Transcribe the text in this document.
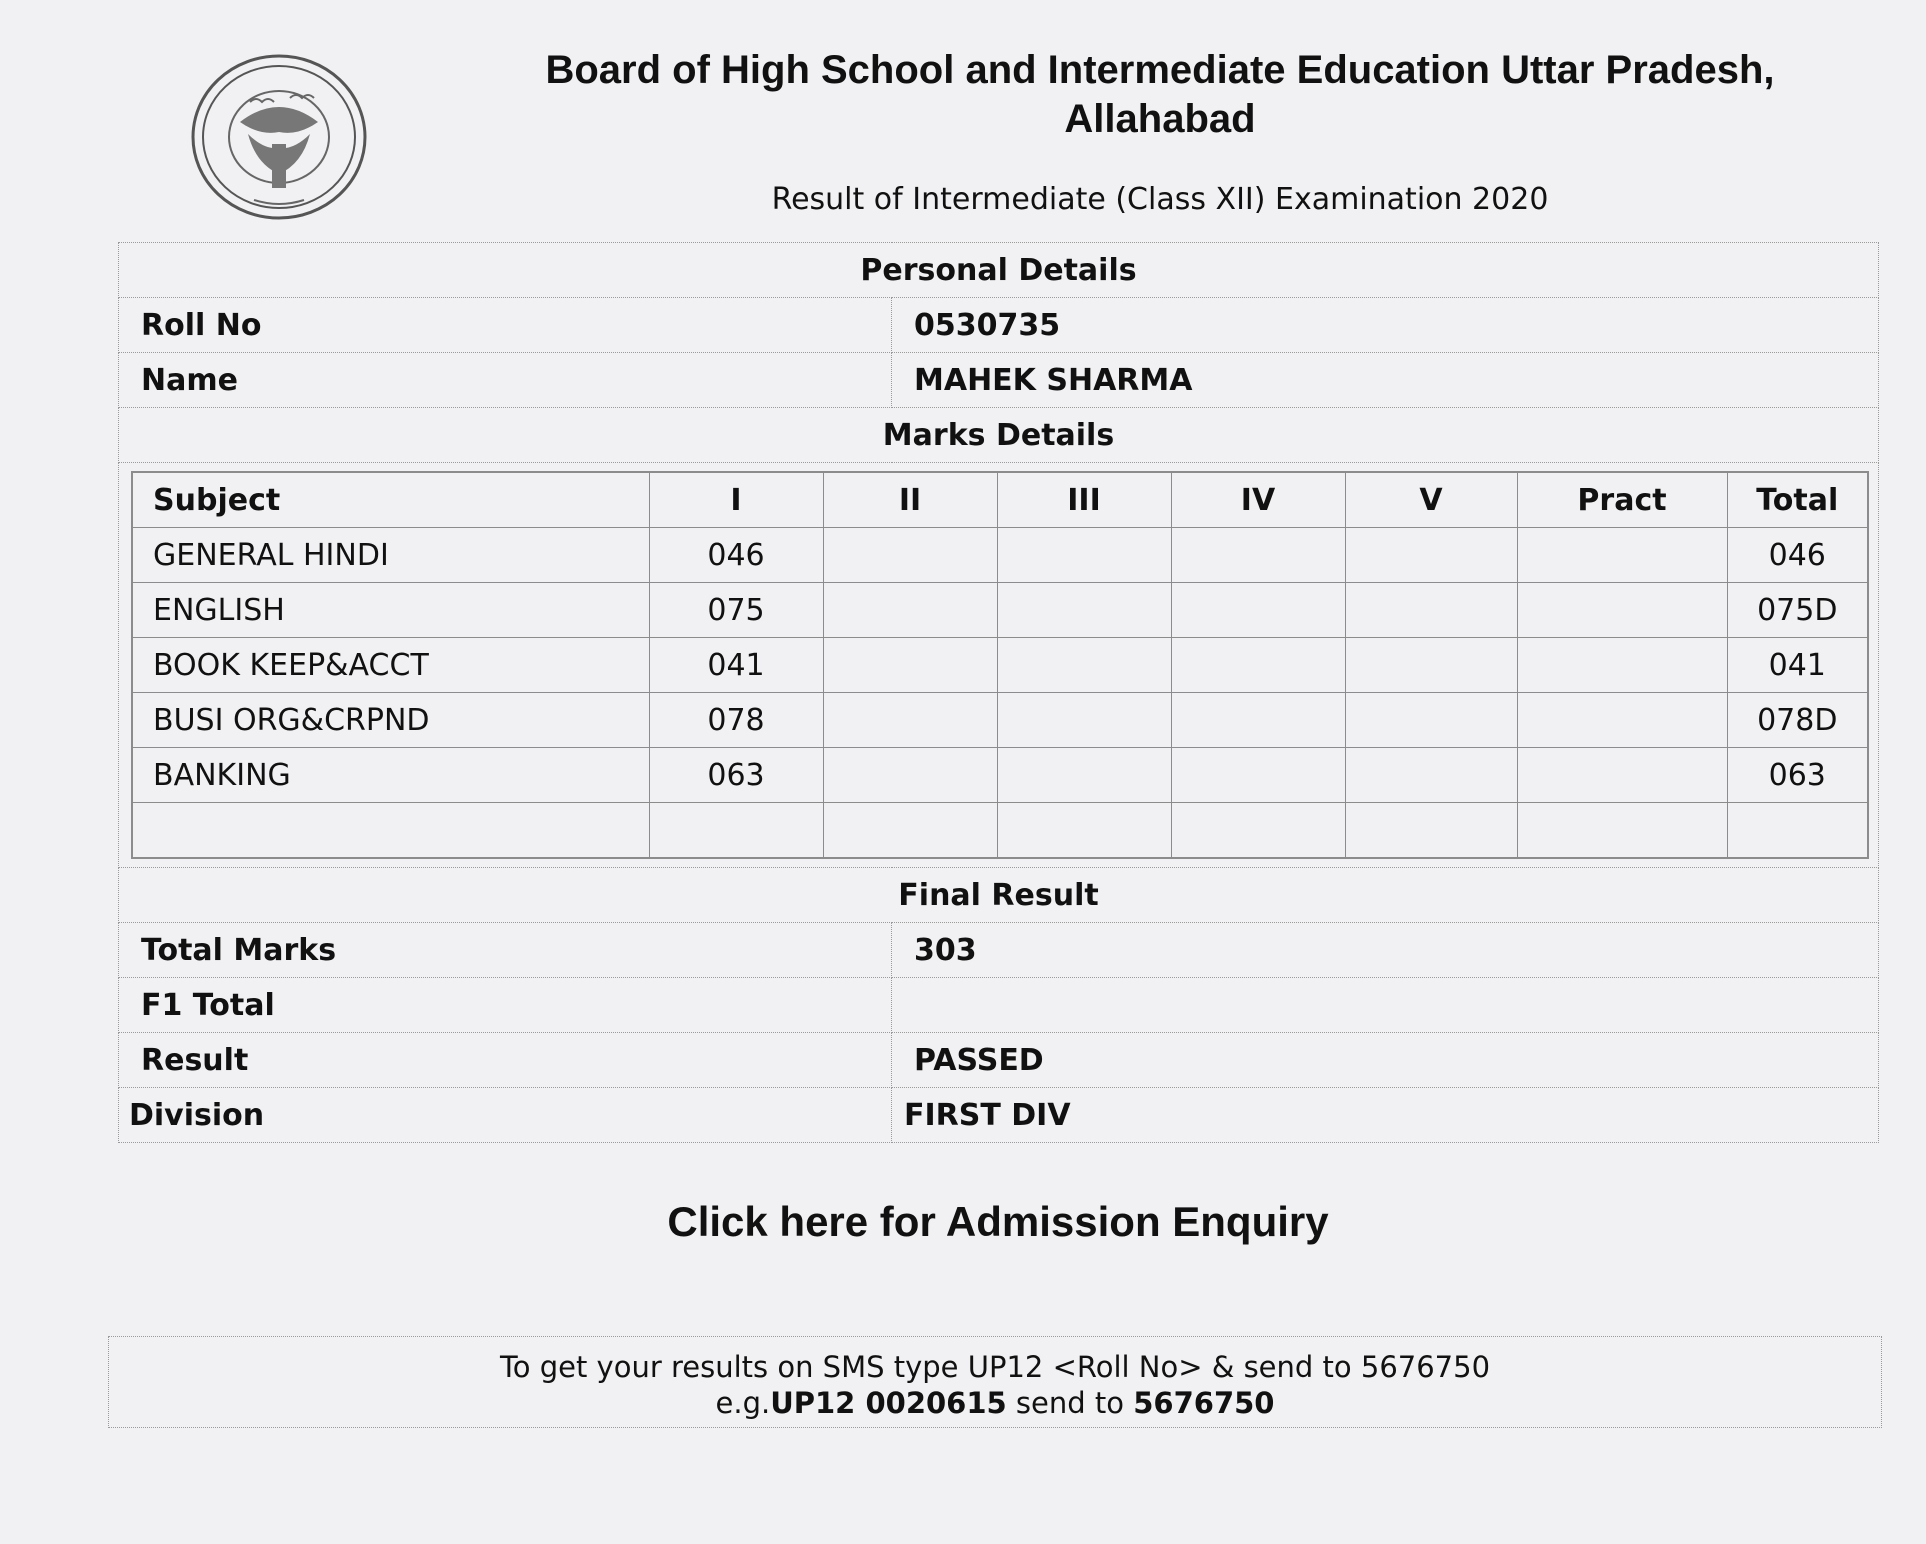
Board of High School and Intermediate Education Uttar Pradesh,
Allahabad
Result of Intermediate (Class XII) Examination 2020
Personal Details
Roll No	0530735
Name	MAHEK SHARMA
Marks Details

Subject	I	II	III	IV	V	Pract	Total
GENERAL HINDI	046						046
ENGLISH	075						075D
BOOK KEEP&ACCT	041						041
BUSI ORG&CRPND	078						078D
BANKING	063						063

Final Result
Total Marks	303
F1 Total	
Result	PASSED
Division	FIRST DIV
Click here for Admission Enquiry
To get your results on SMS type UP12 <Roll No> & send to 5676750
e.g.UP12 0020615 send to 5676750
